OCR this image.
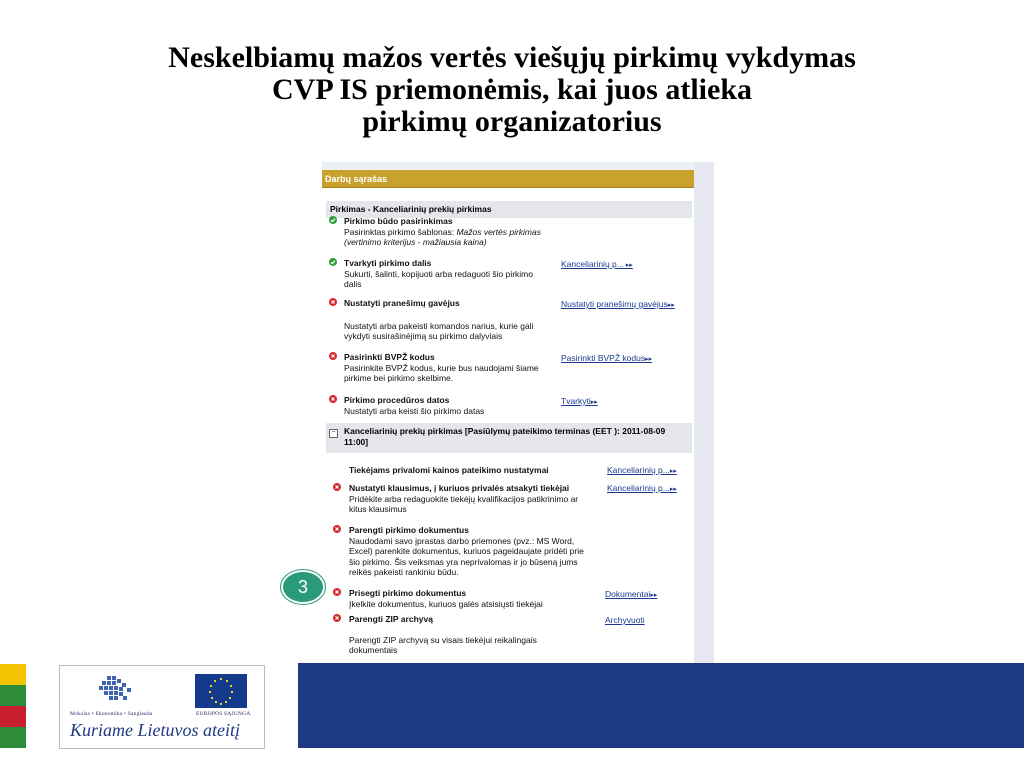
Neskelbiamų mažos vertės viešųjų pirkimų vykdymas
CVP IS priemonėmis, kai juos atlieka
pirkimų organizatorius
Darbų sąrašas
Pirkimas - Kanceliarinių prekių pirkimas
Pirkimo būdo pasirinkimas
Pasirinktas pirkimo šablonas: Mažos vertės pirkimas (vertinimo kriterijus - mažiausia kaina)
Tvarkyti pirkimo dalis
Sukurti, šalinti, kopijuoti arba redaguoti šio pirkimo dalis
Kanceliarinių p... ▸▸
Nustatyti pranešimų gavėjus
Nustatyti arba pakeisti komandos narius, kurie gali vykdyti susirašinėjimą su pirkimo dalyviais
Nustatyti pranešimų gavėjus▸▸
Pasirinkti BVPŽ kodus
Pasirinkite BVPŽ kodus, kurie bus naudojami šiame pirkime bei pirkimo skelbime.
Pasirinkti BVPŽ kodus▸▸
Pirkimo procedūros datos
Nustatyti arba keisti šio pirkimo datas
Tvarkyti▸▸
Kanceliarinių prekių pirkimas [Pasiūlymų pateikimo terminas (EET ): 2011-08-09 11:00]
−
Tiekėjams privalomi kainos pateikimo nustatymai	Kanceliarinių p...▸▸
Nustatyti klausimus, į kuriuos privalės atsakyti tiekėjai
Pridėkite arba redaguokite tiekėjų kvalifikacijos patikrinimo ar kitus klausimus
Kanceliarinių p...▸▸
Parengti pirkimo dokumentus
Naudodami savo įprastas darbo priemones (pvz.: MS Word, Excel) parenkite dokumentus, kuriuos pageidaujate pridėti prie šio pirkimo. Šis veiksmas yra neprivalomas ir jo būseną jums reikės pakeisti rankiniu būdu.
Prisegti pirkimo dokumentus
Įkelkite dokumentus, kuriuos galės atsisiųsti tiekėjai
Dokumentai▸▸
Parengti ZIP archyvą
Parengti ZIP archyvą su visais tiekėjui reikalingais dokumentais
Archyvuoti
3
Mokslas • Ekonomika • Sanglauda	EUROPOS SĄJUNGA
Kuriame Lietuvos ateitį
